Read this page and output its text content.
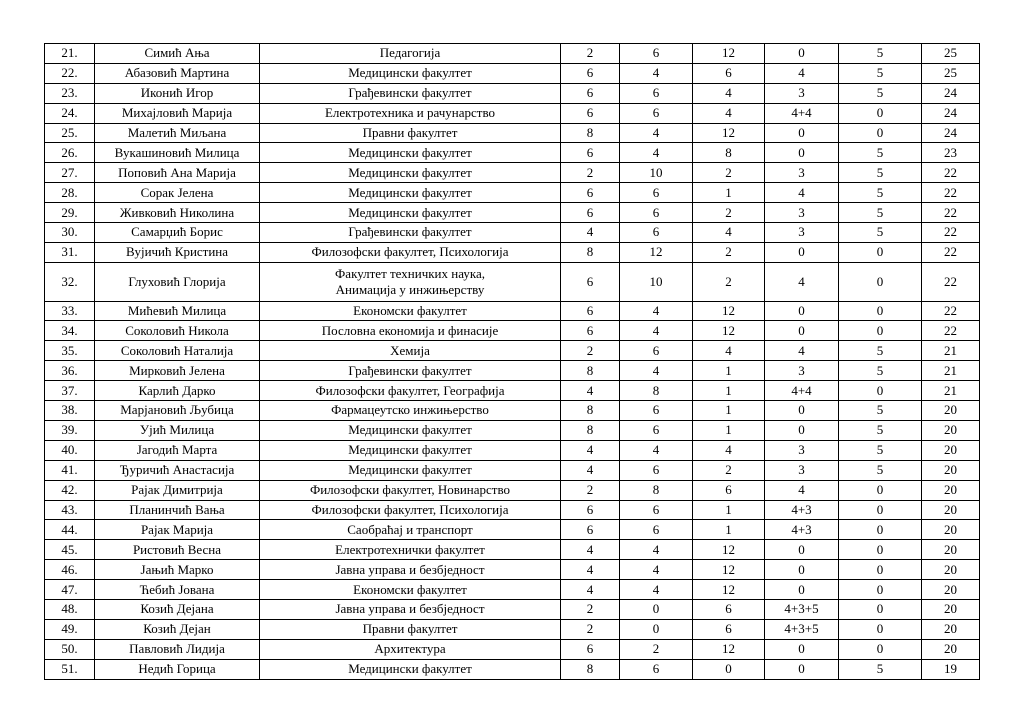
21.	Симић Ања	Педагогија	2	6	12	0	5	25
22.	Абазовић Мартина	Медицински факултет	6	4	6	4	5	25
23.	Иконић Игор	Грађевински факултет	6	6	4	3	5	24
24.	Михајловић Марија	Електротехника и рачунарство	6	6	4	4+4	0	24
25.	Малетић Миљана	Правни факултет	8	4	12	0	0	24
26.	Вукашиновић Милица	Медицински факултет	6	4	8	0	5	23
27.	Поповић Ана Марија	Медицински факултет	2	10	2	3	5	22
28.	Сорак Јелена	Медицински факултет	6	6	1	4	5	22
29.	Живковић Николина	Медицински факултет	6	6	2	3	5	22
30.	Самарџић Борис	Грађевински факултет	4	6	4	3	5	22
31.	Вујичић Кристина	Филозофски факултет, Психологија	8	12	2	0	0	22
32.	Глуховић Глорија	Факултет техничких наука,
Анимација у инжињерству	6	10	2	4	0	22
33.	Мићевић Милица	Економски факултет	6	4	12	0	0	22
34.	Соколовић Никола	Пословна економија и финасије	6	4	12	0	0	22
35.	Соколовић Наталија	Хемија	2	6	4	4	5	21
36.	Мирковић Јелена	Грађевински факултет	8	4	1	3	5	21
37.	Карлић Дарко	Филозофски факултет, Географија	4	8	1	4+4	0	21
38.	Марјановић Љубица	Фармацеутско инжињерство	8	6	1	0	5	20
39.	Ујић Милица	Медицински факултет	8	6	1	0	5	20
40.	Јагодић Марта	Медицински факултет	4	4	4	3	5	20
41.	Ђуричић Анастасија	Медицински факултет	4	6	2	3	5	20
42.	Рајак Димитрија	Филозофски факултет, Новинарство	2	8	6	4	0	20
43.	Планинчић Вања	Филозофски факултет, Психологија	6	6	1	4+3	0	20
44.	Рајак Марија	Саобраћај и транспорт	6	6	1	4+3	0	20
45.	Ристовић Весна	Електротехнички факултет	4	4	12	0	0	20
46.	Јањић Марко	Јавна управа и безбједност	4	4	12	0	0	20
47.	Ћебић Јована	Економски факултет	4	4	12	0	0	20
48.	Козић Дејана	Јавна управа и безбједност	2	0	6	4+3+5	0	20
49.	Козић Дејан	Правни факултет	2	0	6	4+3+5	0	20
50.	Павловић Лидија	Архитектура	6	2	12	0	0	20
51.	Недић Горица	Медицински факултет	8	6	0	0	5	19
